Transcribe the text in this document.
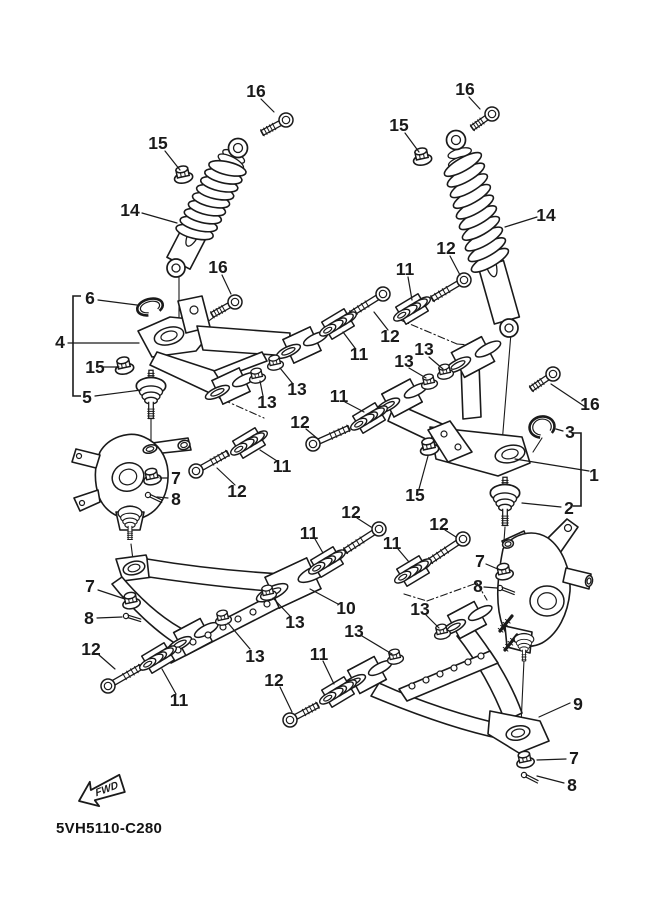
16
15
14
16
15
14
16
16
6
4
15
5
3
1
2
10
9
7
8
7
8
7
8
7
8
13
13
13
13
13
13
13
13
11
11
11
11
11	11
11
11
12
12
12
12
12
12
12
12
15
FWD
5VH5110-C280
